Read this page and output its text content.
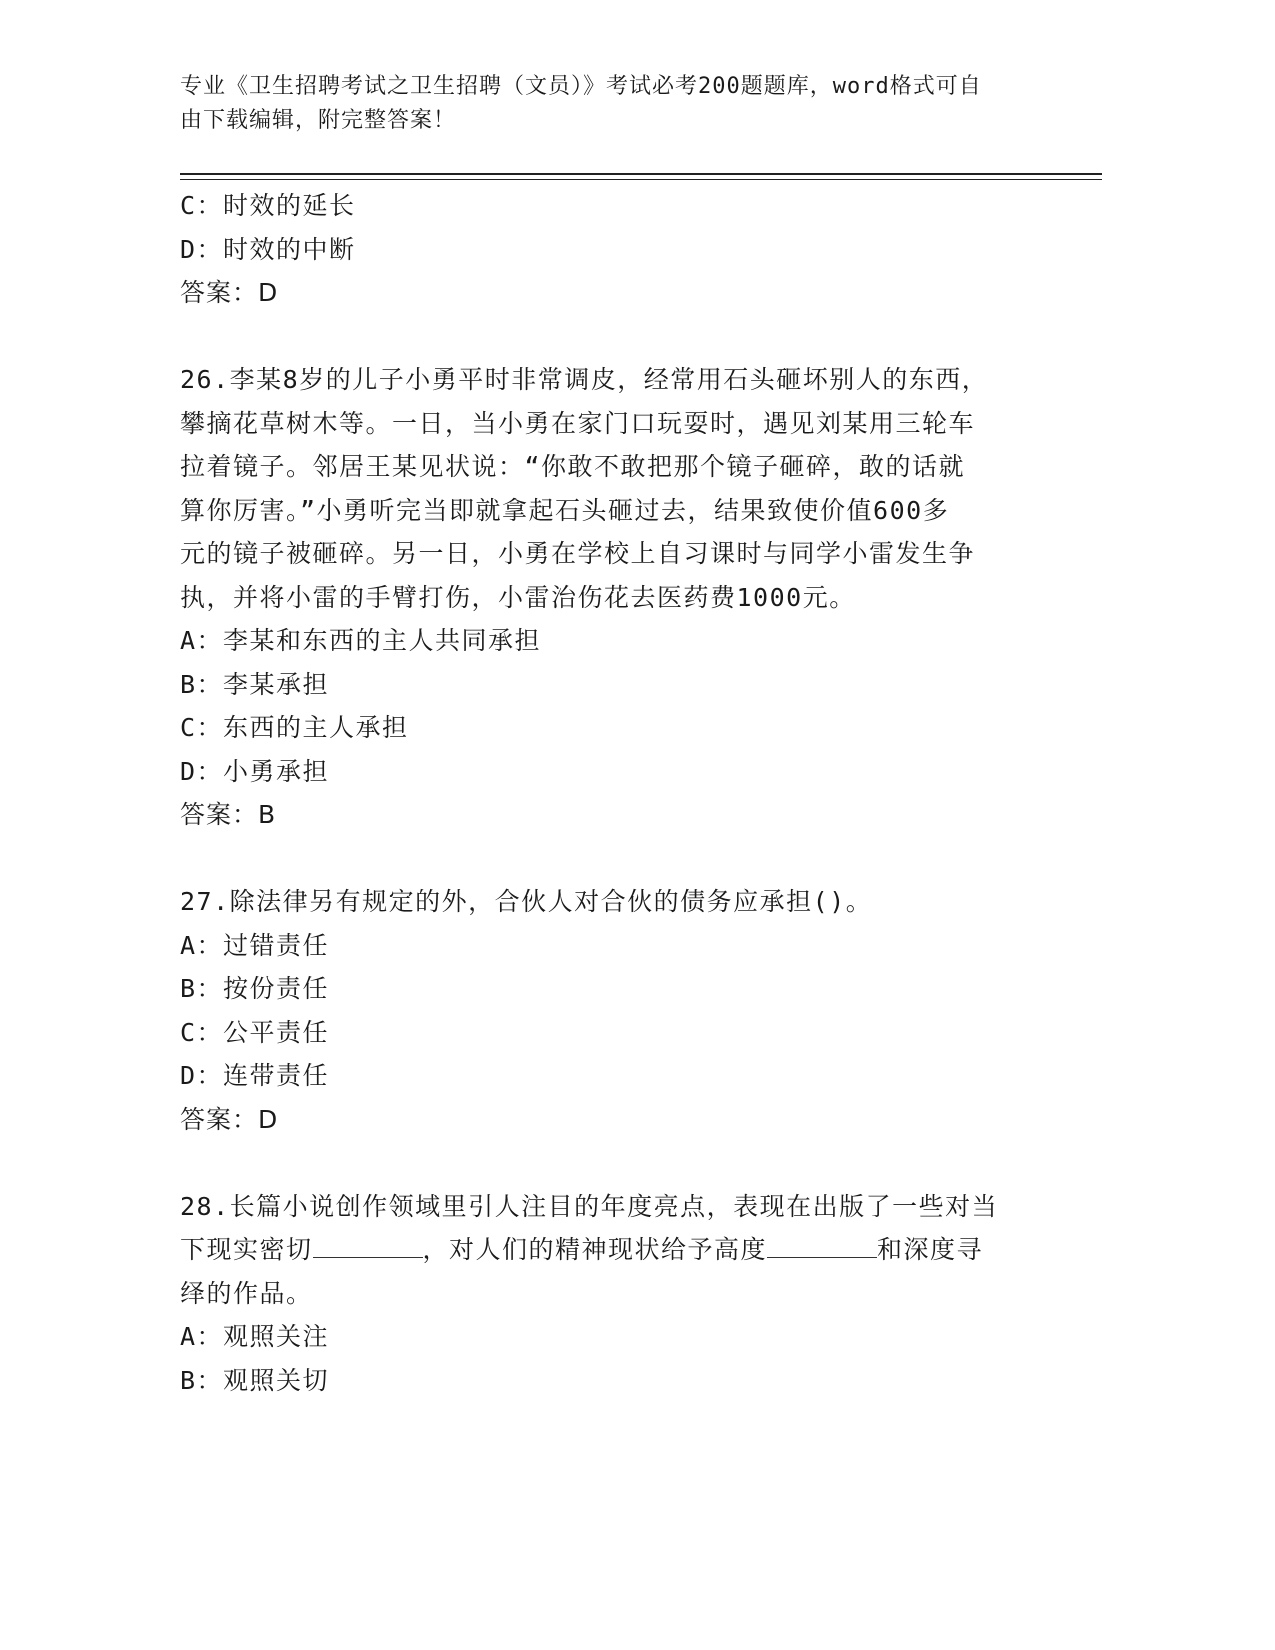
专业《卫生招聘考试之卫生招聘（文员）》考试必考200题题库，word格式可自
由下载编辑，附完整答案！
C：时效的延长
D：时效的中断
答案：D
26.李某8岁的儿子小勇平时非常调皮，经常用石头砸坏别人的东西，
攀摘花草树木等。一日，当小勇在家门口玩耍时，遇见刘某用三轮车
拉着镜子。邻居王某见状说：“你敢不敢把那个镜子砸碎，敢的话就
算你厉害。”小勇听完当即就拿起石头砸过去，结果致使价值600多
元的镜子被砸碎。另一日，小勇在学校上自习课时与同学小雷发生争
执，并将小雷的手臂打伤，小雷治伤花去医药费1000元。
A：李某和东西的主人共同承担
B：李某承担
C：东西的主人承担
D：小勇承担
答案：B
27.除法律另有规定的外，合伙人对合伙的债务应承担()。
A：过错责任
B：按份责任
C：公平责任
D：连带责任
答案：D
28.长篇小说创作领域里引人注目的年度亮点，表现在出版了一些对当
下现实密切	，对人们的精神现状给予高度	和深度寻
绎的作品。
A：观照关注
B：观照关切
